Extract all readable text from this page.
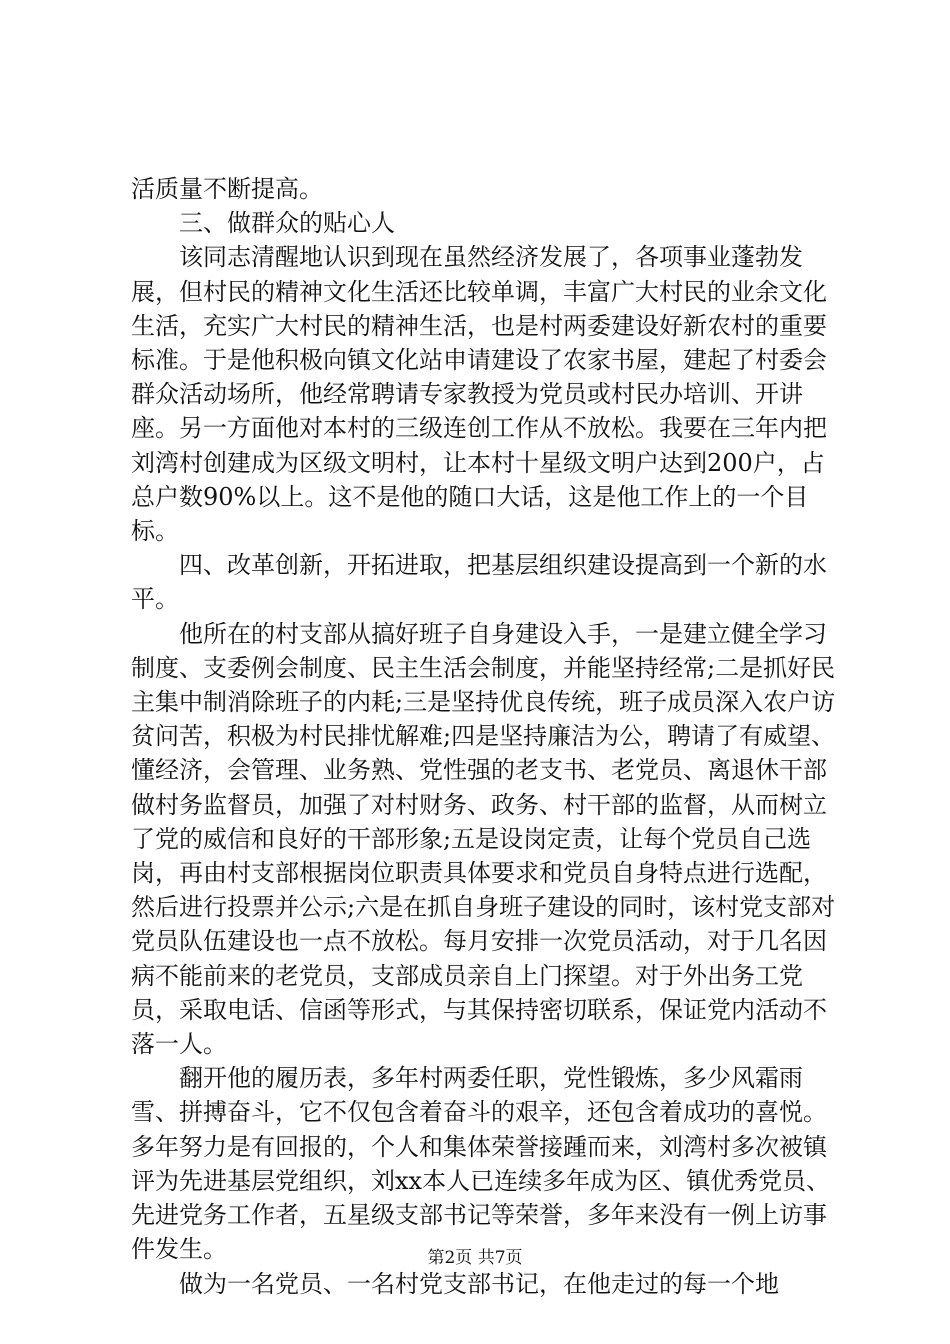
活质量不断提高。

三、做群众的贴心人

该同志清醒地认识到现在虽然经济发展了，各项事业蓬勃发展，但村民的精神文化生活还比较单调，丰富广大村民的业余文化生活，充实广大村民的精神生活，也是村两委建设好新农村的重要标准。于是他积极向镇文化站申请建设了农家书屋，建起了村委会群众活动场所，他经常聘请专家教授为党员或村民办培训、开讲座。另一方面他对本村的三级连创工作从不放松。我要在三年内把刘湾村创建成为区级文明村，让本村十星级文明户达到200户，占总户数90%以上。这不是他的随口大话，这是他工作上的一个目标。

四、改革创新，开拓进取，把基层组织建设提高到一个新的水平。

他所在的村支部从搞好班子自身建设入手，一是建立健全学习制度、支委例会制度、民主生活会制度，并能坚持经常;二是抓好民主集中制消除班子的内耗;三是坚持优良传统，班子成员深入农户访贫问苦，积极为村民排忧解难;四是坚持廉洁为公，聘请了有威望、懂经济，会管理、业务熟、党性强的老支书、老党员、离退休干部做村务监督员，加强了对村财务、政务、村干部的监督，从而树立了党的威信和良好的干部形象;五是设岗定责，让每个党员自己选岗，再由村支部根据岗位职责具体要求和党员自身特点进行选配，然后进行投票并公示;六是在抓自身班子建设的同时，该村党支部对党员队伍建设也一点不放松。每月安排一次党员活动，对于几名因病不能前来的老党员，支部成员亲自上门探望。对于外出务工党员，采取电话、信函等形式，与其保持密切联系，保证党内活动不落一人。

翻开他的履历表，多年村两委任职，党性锻炼，多少风霜雨雪、拼搏奋斗，它不仅包含着奋斗的艰辛，还包含着成功的喜悦。多年努力是有回报的，个人和集体荣誉接踵而来，刘湾村多次被镇评为先进基层党组织，刘xx本人已连续多年成为区、镇优秀党员、先进党务工作者，五星级支部书记等荣誉，多年来没有一例上访事件发生。

做为一名党员、一名村党支部书记，在他走过的每一个地

第2页 共7页
